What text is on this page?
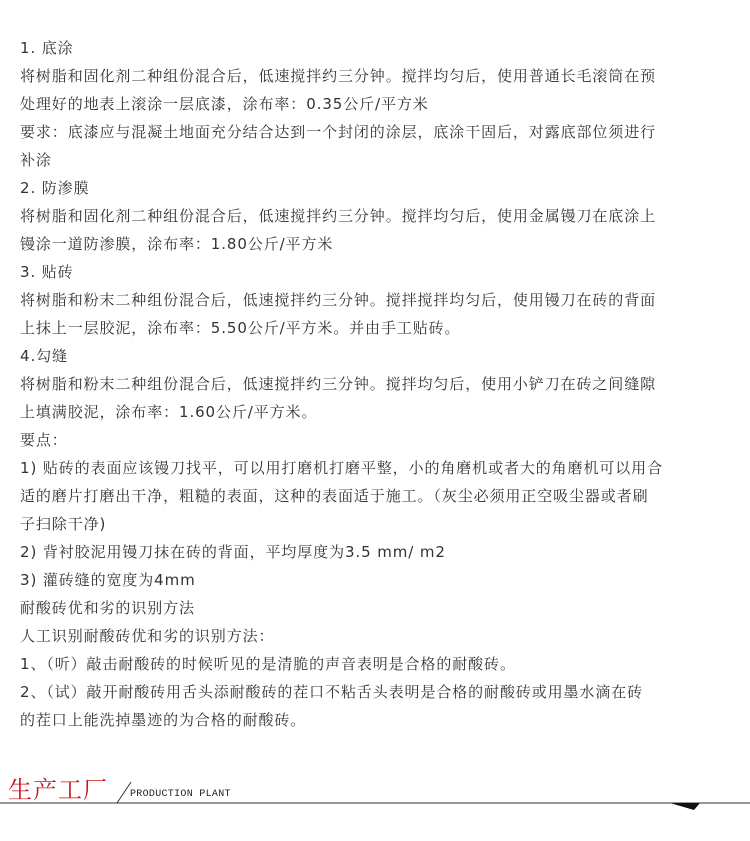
1. 底涂
将树脂和固化剂二种组份混合后，低速搅拌约三分钟。搅拌均匀后，使用普通长毛滚筒在预
处理好的地表上滚涂一层底漆，涂布率：0.35公斤/平方米
要求：底漆应与混凝土地面充分结合达到一个封闭的涂层，底涂干固后，对露底部位须进行
补涂
2. 防渗膜
将树脂和固化剂二种组份混合后，低速搅拌约三分钟。搅拌均匀后，使用金属镘刀在底涂上
镘涂一道防渗膜，涂布率：1.80公斤/平方米
3. 贴砖
将树脂和粉末二种组份混合后，低速搅拌约三分钟。搅拌搅拌均匀后，使用镘刀在砖的背面
上抹上一层胶泥，涂布率：5.50公斤/平方米。并由手工贴砖。
4.勾缝
将树脂和粉末二种组份混合后，低速搅拌约三分钟。搅拌均匀后，使用小铲刀在砖之间缝隙
上填满胶泥，涂布率：1.60公斤/平方米。
要点：
1) 贴砖的表面应该镘刀找平，可以用打磨机打磨平整，小的角磨机或者大的角磨机可以用合
适的磨片打磨出干净，粗糙的表面，这种的表面适于施工。（灰尘必须用正空吸尘器或者刷
子扫除干净)
2) 背衬胶泥用镘刀抹在砖的背面，平均厚度为3.5 mm/ m2
3) 灌砖缝的宽度为4mm
耐酸砖优和劣的识别方法
人工识别耐酸砖优和劣的识别方法：
1、（听）敲击耐酸砖的时候听见的是清脆的声音表明是合格的耐酸砖。
2、（试）敲开耐酸砖用舌头添耐酸砖的茬口不粘舌头表明是合格的耐酸砖或用墨水滴在砖
的茬口上能洗掉墨迹的为合格的耐酸砖。
生产工厂 PRODUCTION PLANT
